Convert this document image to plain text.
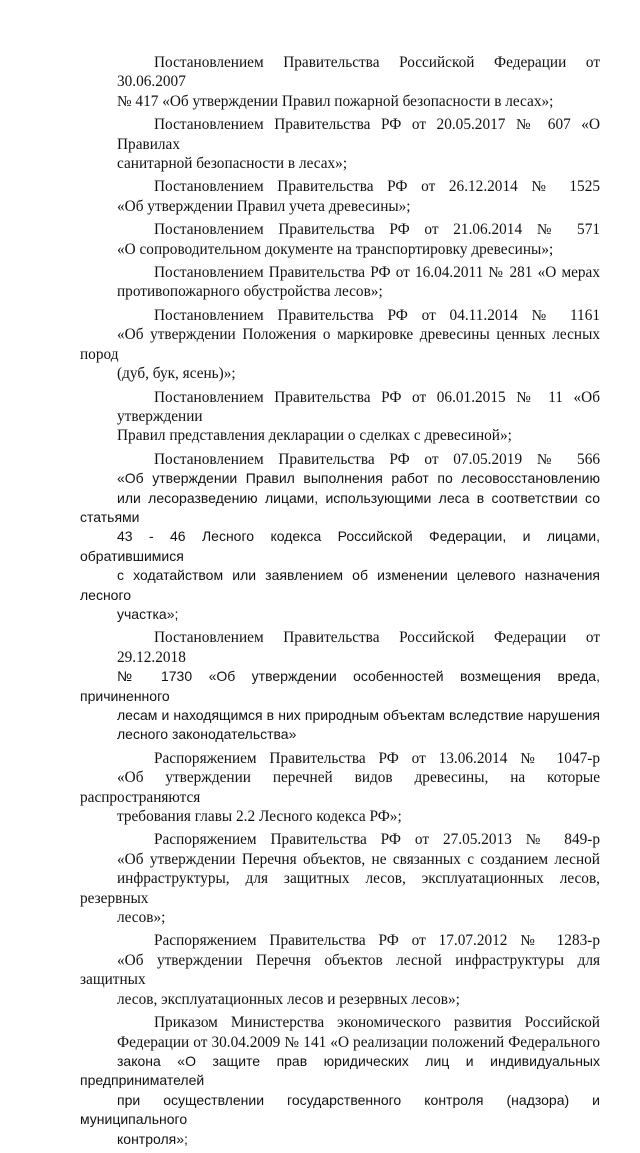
Постановлением Правительства Российской Федерации от 30.06.2007
№ 417 «Об утверждении Правил пожарной безопасности в лесах»;
Постановлением Правительства РФ от 20.05.2017 № 607 «О Правилах
санитарной безопасности в лесах»;
Постановлением Правительства РФ от 26.12.2014 № 1525
«Об утверждении Правил учета древесины»;
Постановлением Правительства РФ от 21.06.2014 № 571
«О сопроводительном документе на транспортировку древесины»;
Постановлением Правительства РФ от 16.04.2011 № 281 «О мерах
противопожарного обустройства лесов»;
Постановлением Правительства РФ от 04.11.2014 № 1161
«Об утверждении Положения о маркировке древесины ценных лесных пород
(дуб, бук, ясень)»;
Постановлением Правительства РФ от 06.01.2015 № 11 «Об утверждении
Правил представления декларации о сделках с древесиной»;
Постановлением Правительства РФ от 07.05.2019 № 566
«Об утверждении Правил выполнения работ по лесовосстановлению
или лесоразведению лицами, использующими леса в соответствии со статьями
43 - 46 Лесного кодекса Российской Федерации, и лицами, обратившимися
с ходатайством или заявлением об изменении целевого назначения лесного
участка»;
Постановлением Правительства Российской Федерации от 29.12.2018
№ 1730 «Об утверждении особенностей возмещения вреда, причиненного
лесам и находящимся в них природным объектам вследствие нарушения
лесного законодательства»
Распоряжением Правительства РФ от 13.06.2014 № 1047-р
«Об утверждении перечней видов древесины, на которые распространяются
требования главы 2.2 Лесного кодекса РФ»;
Распоряжением Правительства РФ от 27.05.2013 № 849-р
«Об утверждении Перечня объектов, не связанных с созданием лесной
инфраструктуры, для защитных лесов, эксплуатационных лесов, резервных
лесов»;
Распоряжением Правительства РФ от 17.07.2012 № 1283-р
«Об утверждении Перечня объектов лесной инфраструктуры для защитных
лесов, эксплуатационных лесов и резервных лесов»;
Приказом Министерства экономического развития Российской
Федерации от 30.04.2009 № 141 «О реализации положений Федерального
закона «О защите прав юридических лиц и индивидуальных предпринимателей
при осуществлении государственного контроля (надзора) и муниципального
контроля»;
